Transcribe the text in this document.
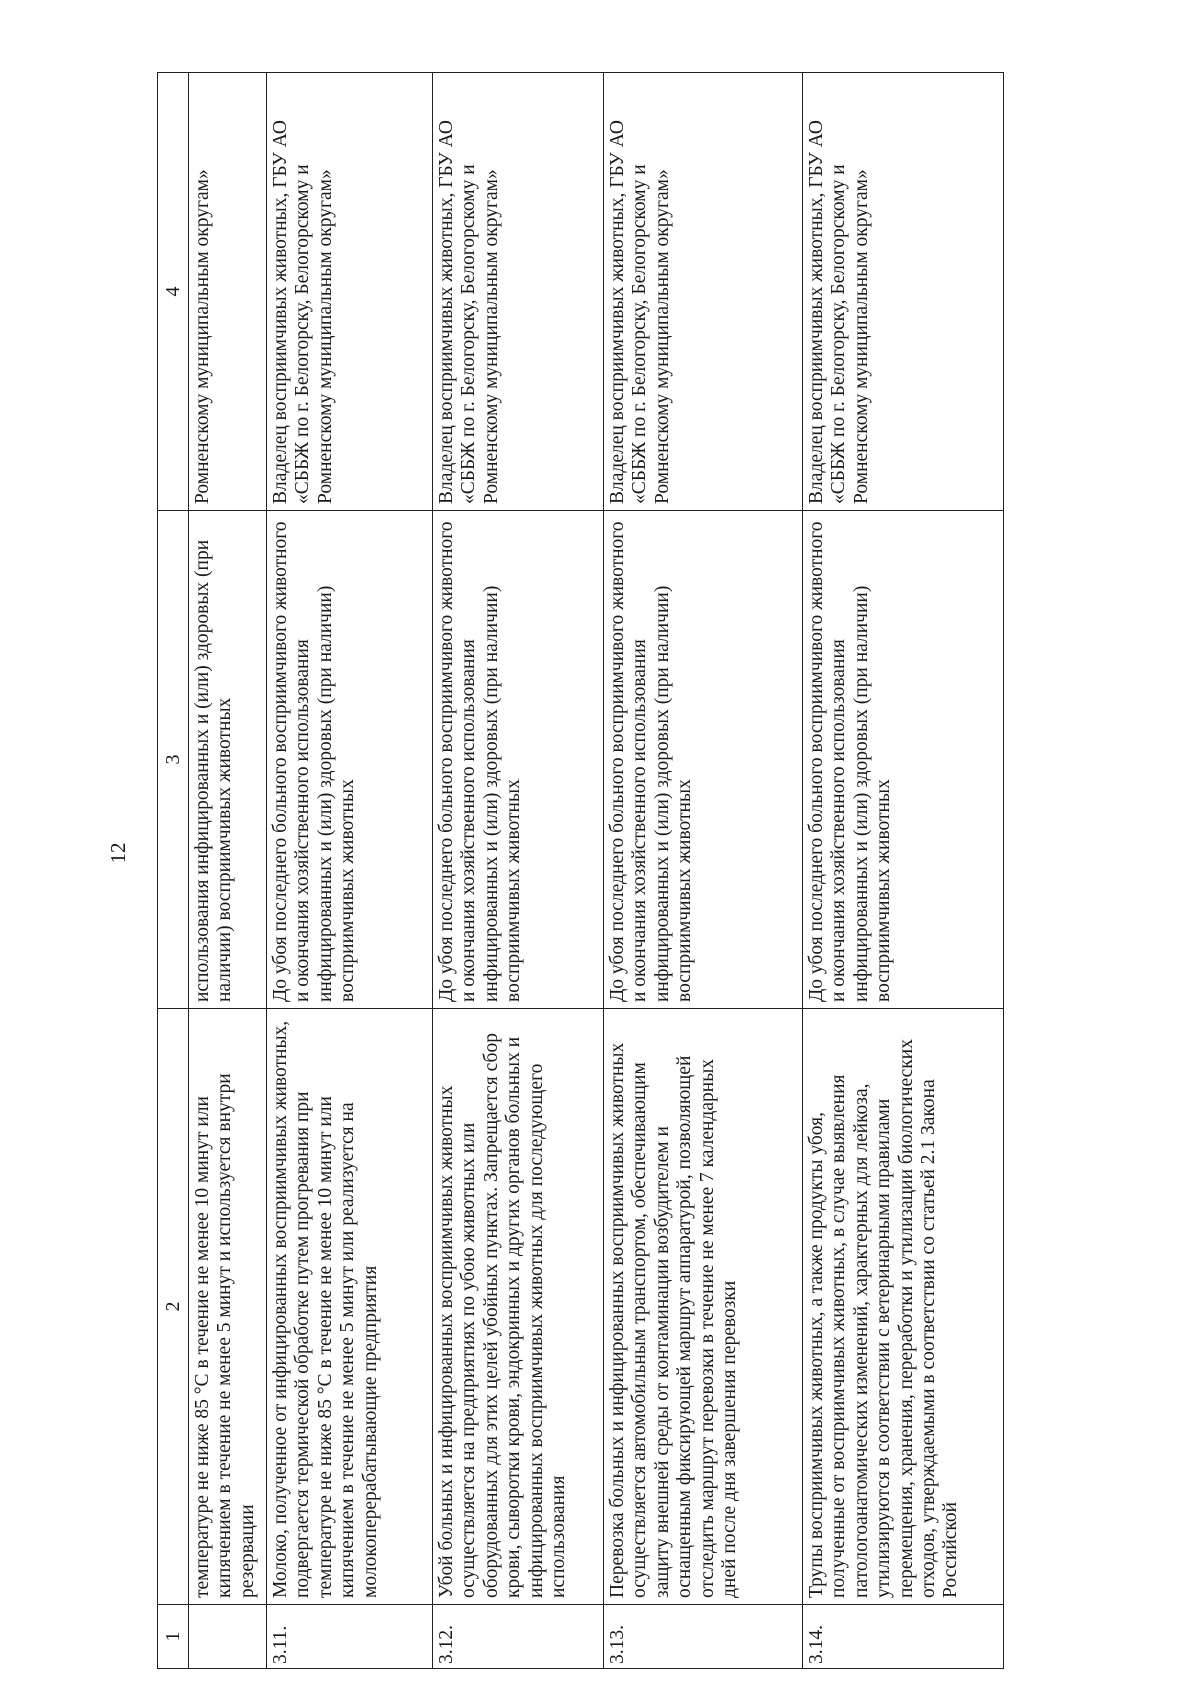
12
1	2	3	4
	температуре не ниже 85 °С в течение не менее 10 минут или кипячением в течение не менее 5 минут и используется внутри резервации	использования инфицированных и (или) здоровых (при наличии) восприимчивых животных	Ромненскому муниципальным округам»
3.11.	Молоко, полученное от инфицированных восприимчивых животных, подвергается термической обработке путем прогревания при температуре не ниже 85 °С в течение не менее 10 минут или кипячением в течение не менее 5 минут или реализуется на молокоперерабатывающие предприятия	До убоя последнего больного восприимчивого животного и окончания хозяйственного использования инфицированных и (или) здоровых (при наличии) восприимчивых животных	Владелец восприимчивых животных, ГБУ АО «СББЖ по г. Белогорску, Белогорскому и Ромненскому муниципальным округам»
3.12.	Убой больных и инфицированных восприимчивых животных осуществляется на предприятиях по убою животных или оборудованных для этих целей убойных пунктах. Запрещается сбор крови, сыворотки крови, эндокринных и других органов больных и инфицированных восприимчивых животных для последующего использования	До убоя последнего больного восприимчивого животного и окончания хозяйственного использования инфицированных и (или) здоровых (при наличии) восприимчивых животных	Владелец восприимчивых животных, ГБУ АО «СББЖ по г. Белогорску, Белогорскому и Ромненскому муниципальным округам»
3.13.	Перевозка больных и инфицированных восприимчивых животных осуществляется автомобильным транспортом, обеспечивающим защиту внешней среды от контаминации возбудителем и оснащенным фиксирующей маршрут аппаратурой, позволяющей отследить маршрут перевозки в течение не менее 7 календарных дней после дня завершения перевозки	До убоя последнего больного восприимчивого животного и окончания хозяйственного использования инфицированных и (или) здоровых (при наличии) восприимчивых животных	Владелец восприимчивых животных, ГБУ АО «СББЖ по г. Белогорску, Белогорскому и Ромненскому муниципальным округам»
3.14.	Трупы восприимчивых животных, а также продукты убоя, полученные от восприимчивых животных, в случае выявления патологоанатомических изменений, характерных для лейкоза, утилизируются в соответствии с ветеринарными правилами перемещения, хранения, переработки и утилизации биологических отходов, утверждаемыми в соответствии со статьей 2.1 Закона Российской	До убоя последнего больного восприимчивого животного и окончания хозяйственного использования инфицированных и (или) здоровых (при наличии) восприимчивых животных	Владелец восприимчивых животных, ГБУ АО «СББЖ по г. Белогорску, Белогорскому и Ромненскому муниципальным округам»
